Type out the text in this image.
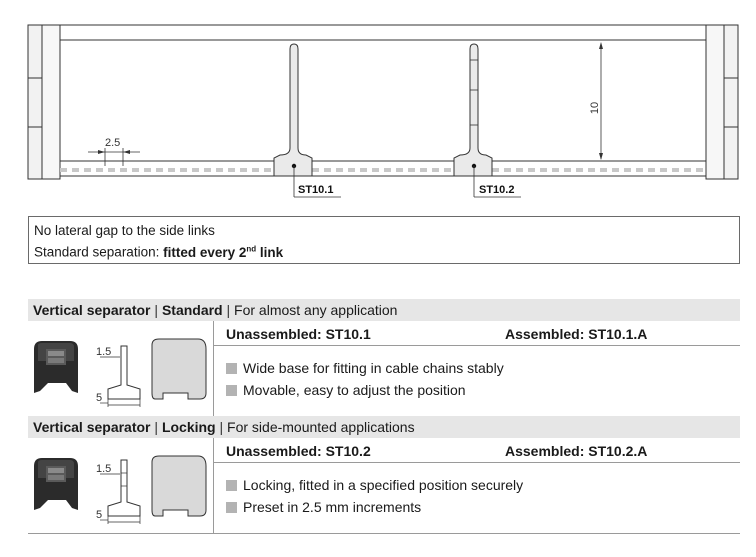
2.5
10
ST10.1	ST10.2
No lateral gap to the side links
Standard separation: fitted every 2nd link
Vertical separator | Standard | For almost any application
1.5
5
Unassembled: ST10.1	Assembled: ST10.1.A
Wide base for fitting in cable chains stably
Movable, easy to adjust the position
Vertical separator | Locking | For side-mounted applications
1.5
5
Unassembled: ST10.2	Assembled: ST10.2.A
Locking, fitted in a specified position securely
Preset in 2.5 mm increments
